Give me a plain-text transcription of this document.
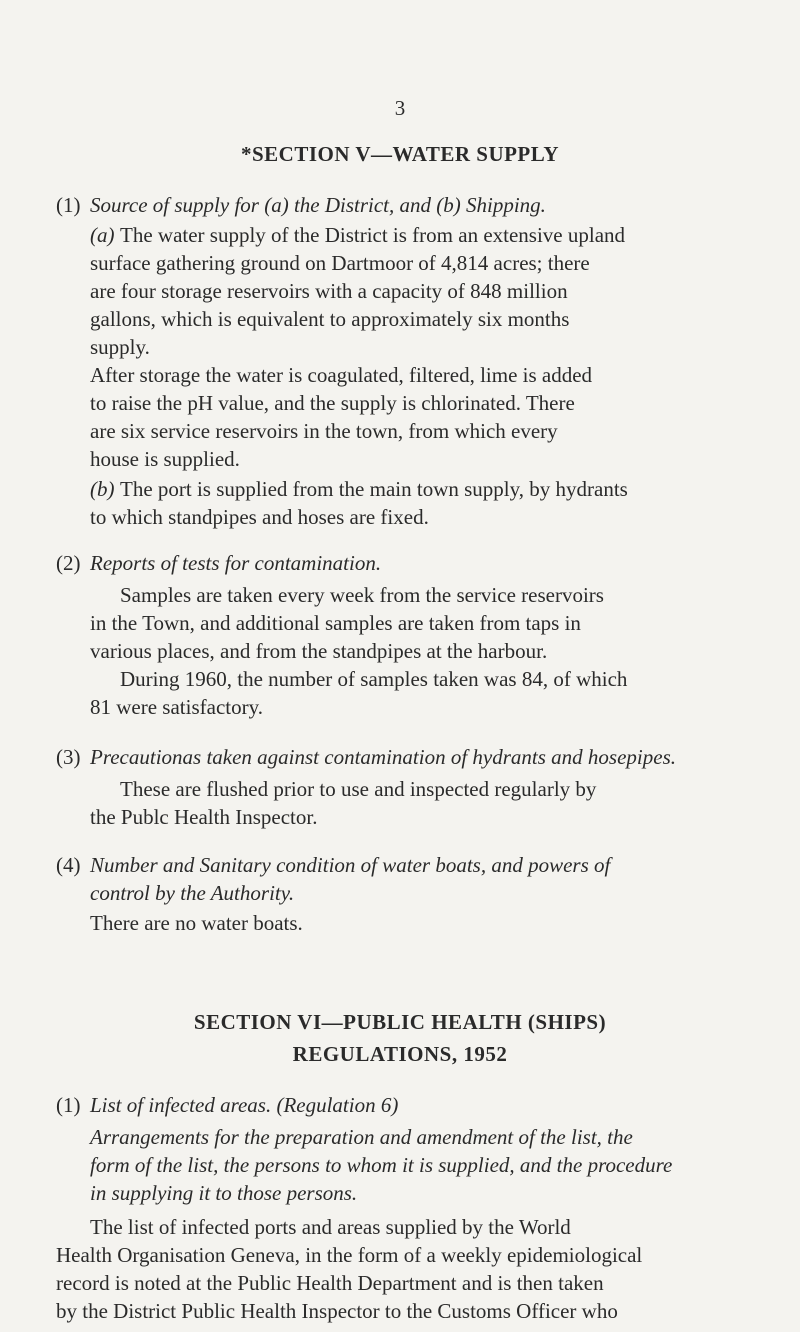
3
*SECTION V—WATER SUPPLY
(1) Source of supply for (a) the District, and (b) Shipping.
(a) The water supply of the District is from an extensive upland
surface gathering ground on Dartmoor of 4,814 acres; there
are four storage reservoirs with a capacity of 848 million
gallons, which is equivalent to approximately six months
supply.
After storage the water is coagulated, filtered, lime is added
to raise the pH value, and the supply is chlorinated. There
are six service reservoirs in the town, from which every
house is supplied.
(b) The port is supplied from the main town supply, by hydrants
to which standpipes and hoses are fixed.
(2) Reports of tests for contamination.
Samples are taken every week from the service reservoirs
in the Town, and additional samples are taken from taps in
various places, and from the standpipes at the harbour.
During 1960, the number of samples taken was 84, of which
81 were satisfactory.
(3) Precautionas taken against contamination of hydrants and hosepipes.
These are flushed prior to use and inspected regularly by
the Publc Health Inspector.
(4) Number and Sanitary condition of water boats, and powers of
control by the Authority.
There are no water boats.
SECTION VI—PUBLIC HEALTH (SHIPS)
REGULATIONS, 1952
(1) List of infected areas. (Regulation 6)
Arrangements for the preparation and amendment of the list, the
form of the list, the persons to whom it is supplied, and the procedure
in supplying it to those persons.
The list of infected ports and areas supplied by the World
Health Organisation Geneva, in the form of a weekly epidemiological
record is noted at the Public Health Department and is then taken
by the District Public Health Inspector to the Customs Officer who
